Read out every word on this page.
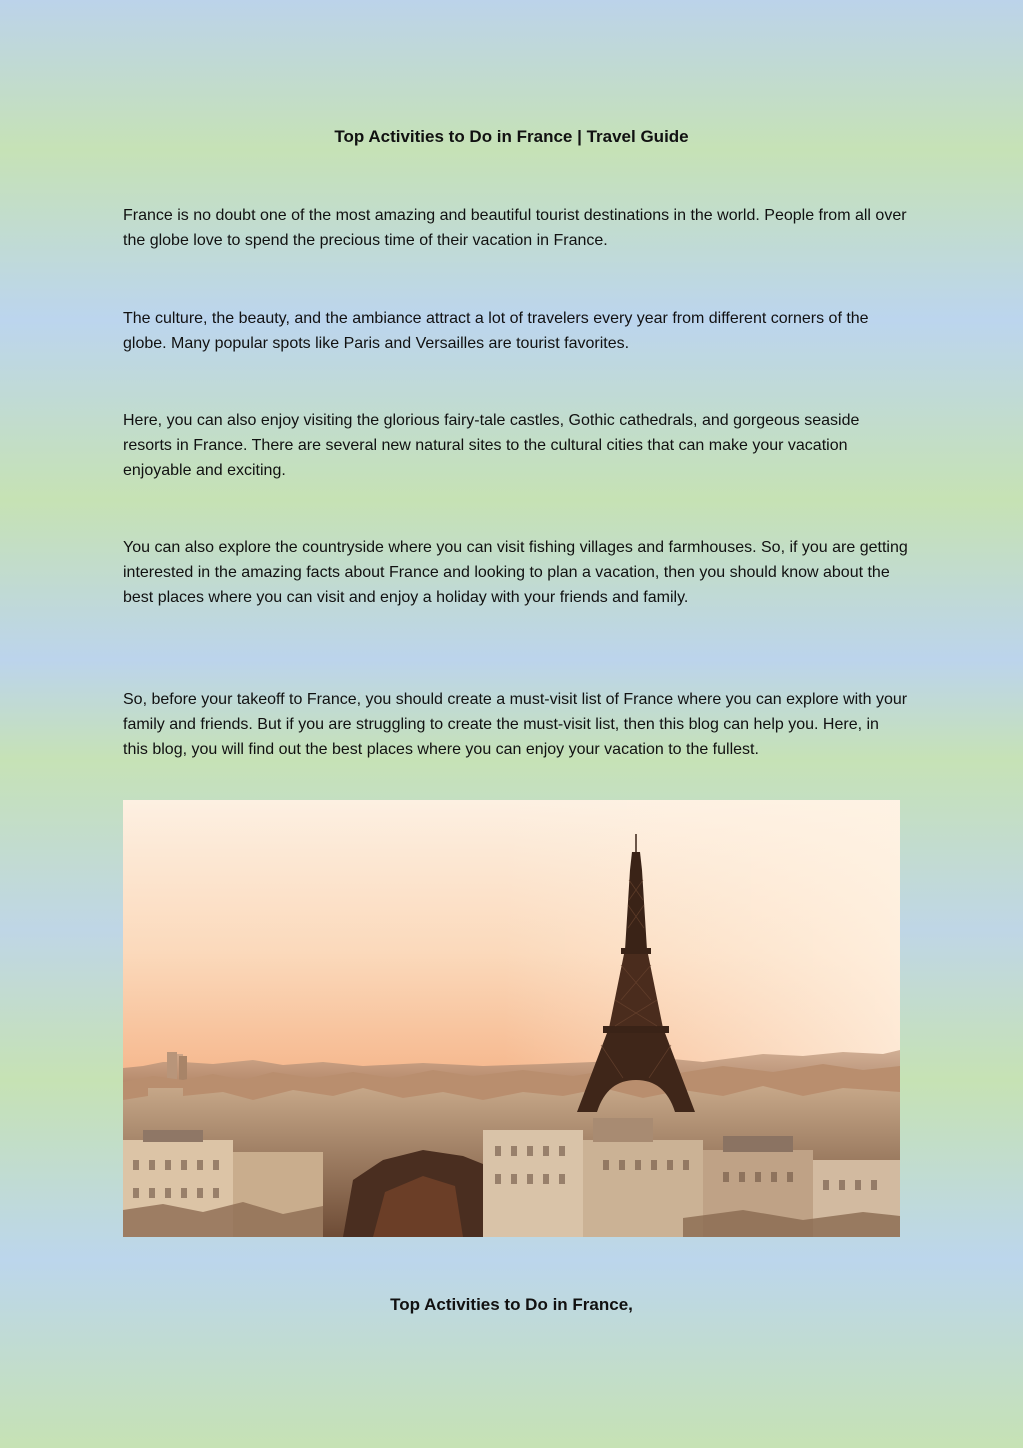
Top Activities to Do in France | Travel Guide

France is no doubt one of the most amazing and beautiful tourist destinations in the world. People from all over the globe love to spend the precious time of their vacation in France.

The culture, the beauty, and the ambiance attract a lot of travelers every year from different corners of the globe. Many popular spots like Paris and Versailles are tourist favorites.

Here, you can also enjoy visiting the glorious fairy-tale castles, Gothic cathedrals, and gorgeous seaside resorts in France. There are several new natural sites to the cultural cities that can make your vacation enjoyable and exciting.

You can also explore the countryside where you can visit fishing villages and farmhouses. So, if you are getting interested in the amazing facts about France and looking to plan a vacation, then you should know about the best places where you can visit and enjoy a holiday with your friends and family.

So, before your takeoff to France, you should create a must-visit list of France where you can explore with your family and friends. But if you are struggling to create the must-visit list, then this blog can help you. Here, in this blog, you will find out the best places where you can enjoy your vacation to the fullest.

Top Activities to Do in France,
